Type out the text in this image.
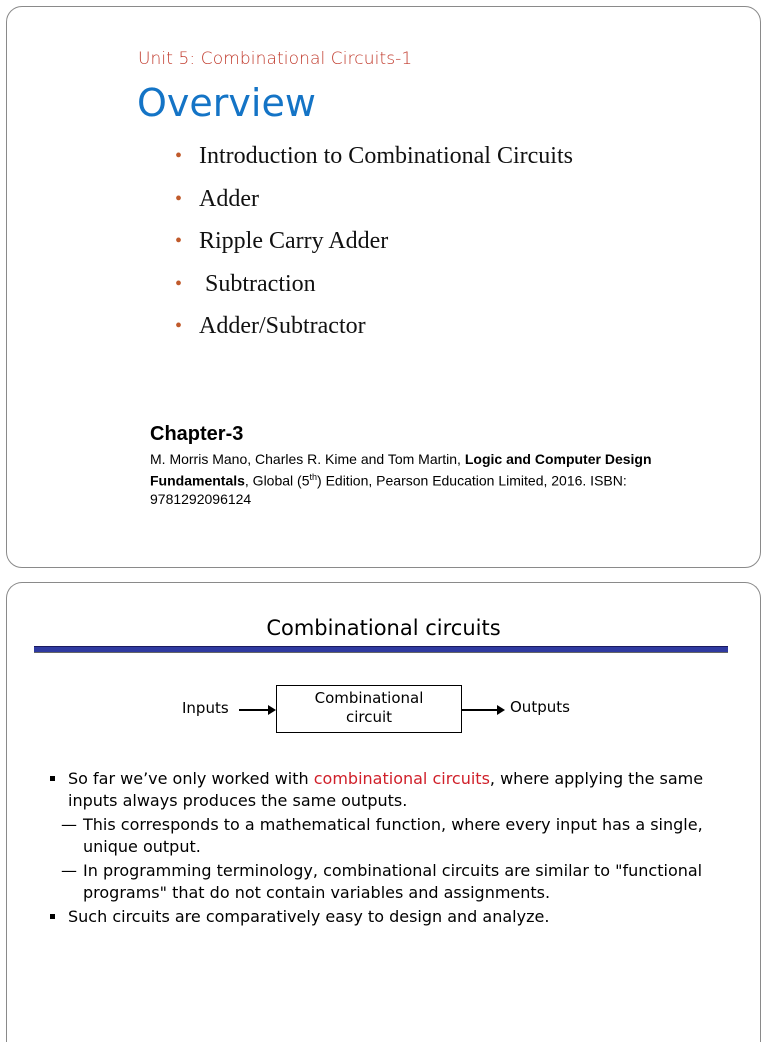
Unit 5: Combinational Circuits-1
Overview
• Introduction to Combinational Circuits
• Adder
• Ripple Carry Adder
• Subtraction
• Adder/Subtractor
Chapter-3
M. Morris Mano, Charles R. Kime and Tom Martin, Logic and Computer Design Fundamentals, Global (5th) Edition, Pearson Education Limited, 2016. ISBN: 9781292096124
Combinational circuits
Inputs
Combinational
circuit
Outputs
So far we’ve only worked with combinational circuits, where applying the same inputs always produces the same outputs.
— This corresponds to a mathematical function, where every input has a single, unique output.
— In programming terminology, combinational circuits are similar to "functional programs" that do not contain variables and assignments.
Such circuits are comparatively easy to design and analyze.
